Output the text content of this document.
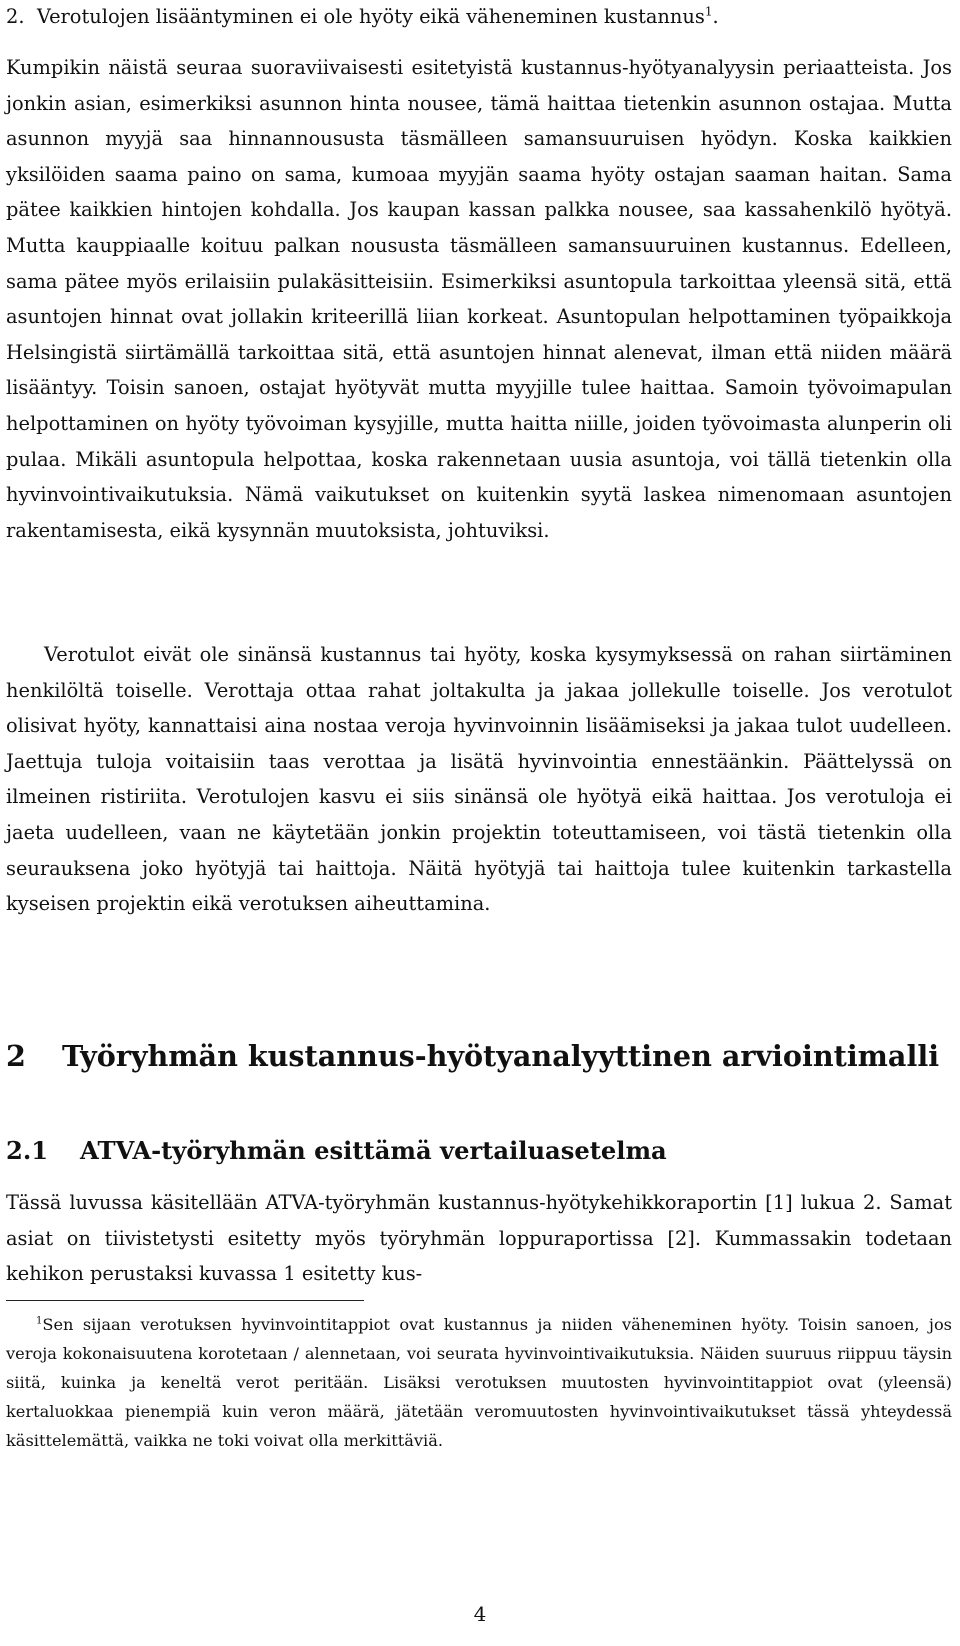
2. Verotulojen lisääntyminen ei ole hyöty eikä väheneminen kustannus$^1$.

Kumpikin näistä seuraa suoraviivaisesti esitetyistä kustannus-hyötyanalyysin periaatteista. Jos jonkin asian, esimerkiksi asunnon hinta nousee, tämä haittaa tietenkin asunnon ostajaa. Mutta asunnon myyjä saa hinnannoususta täsmälleen samansuuruisen hyödyn. Koska kaikkien yksilöiden saama paino on sama, kumoaa myyjän saama hyöty ostajan saaman haitan. Sama pätee kaikkien hintojen kohdalla. Jos kaupan kassan palkka nousee, saa kassahenkilö hyötyä. Mutta kauppiaalle koituu palkan noususta täsmälleen samansuuruinen kustannus. Edelleen, sama pätee myös erilaisiin pulakäsitteisiin. Esimerkiksi asuntopula tarkoittaa yleensä sitä, että asuntojen hinnat ovat jollakin kriteerillä liian korkeat. Asuntopulan helpottaminen työpaikkoja Helsingistä siirtämällä tarkoittaa sitä, että asuntojen hinnat alenevat, ilman että niiden määrä lisääntyy. Toisin sanoen, ostajat hyötyvät mutta myyjille tulee haittaa. Samoin työvoimapulan helpottaminen on hyöty työvoiman kysyjille, mutta haitta niille, joiden työvoimasta alunperin oli pulaa. Mikäli asuntopula helpottaa, koska rakennetaan uusia asuntoja, voi tällä tietenkin olla hyvinvointivaikutuksia. Nämä vaikutukset on kuitenkin syytä laskea nimenomaan asuntojen rakentamisesta, eikä kysynnän muutoksista, johtuviksi.

Verotulot eivät ole sinänsä kustannus tai hyöty, koska kysymyksessä on rahan siirtäminen henkilöltä toiselle. Verottaja ottaa rahat joltakulta ja jakaa jollekulle toiselle. Jos verotulot olisivat hyöty, kannattaisi aina nostaa veroja hyvinvoinnin lisäämiseksi ja jakaa tulot uudelleen. Jaettuja tuloja voitaisiin taas verottaa ja lisätä hyvinvointia ennestäänkin. Päättelyssä on ilmeinen ristiriita. Verotulojen kasvu ei siis sinänsä ole hyötyä eikä haittaa. Jos verotuloja ei jaeta uudelleen, vaan ne käytetään jonkin projektin toteuttamiseen, voi tästä tietenkin olla seurauksena joko hyötyjä tai haittoja. Näitä hyötyjä tai haittoja tulee kuitenkin tarkastella kyseisen projektin eikä verotuksen aiheuttamina.

2 Työryhmän kustannus-hyötyanalyyttinen arviointimalli
2.1 ATVA-työryhmän esittämä vertailuasetelma

Tässä luvussa käsitellään ATVA-työryhmän kustannus-hyötykehikkoraportin [1] lukua 2. Samat asiat on tiivistetysti esitetty myös työryhmän loppuraportissa [2]. Kummassakin todetaan kehikon perustaksi kuvassa 1 esitetty kus-

$^1$Sen sijaan verotuksen hyvinvointitappiot ovat kustannus ja niiden väheneminen hyöty. Toisin sanoen, jos veroja kokonaisuutena korotetaan / alennetaan, voi seurata hyvinvointivaikutuksia. Näiden suuruus riippuu täysin siitä, kuinka ja keneltä verot peritään. Lisäksi verotuksen muutosten hyvinvointitappiot ovat (yleensä) kertaluokkaa pienempiä kuin veron määrä, jätetään veromuutosten hyvinvointivaikutukset tässä yhteydessä käsittelemättä, vaikka ne toki voivat olla merkittäviä.

4
